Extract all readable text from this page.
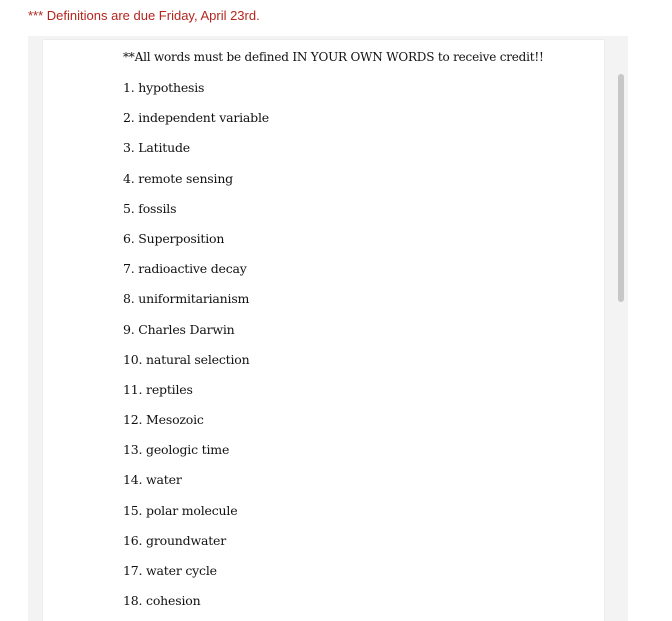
*** Definitions are due Friday, April 23rd.
**All words must be defined IN YOUR OWN WORDS to receive credit!!
1. hypothesis
2. independent variable
3. Latitude
4. remote sensing
5. fossils
6. Superposition
7. radioactive decay
8. uniformitarianism
9. Charles Darwin
10. natural selection
11. reptiles
12. Mesozoic
13. geologic time
14. water
15. polar molecule
16. groundwater
17. water cycle
18. cohesion
